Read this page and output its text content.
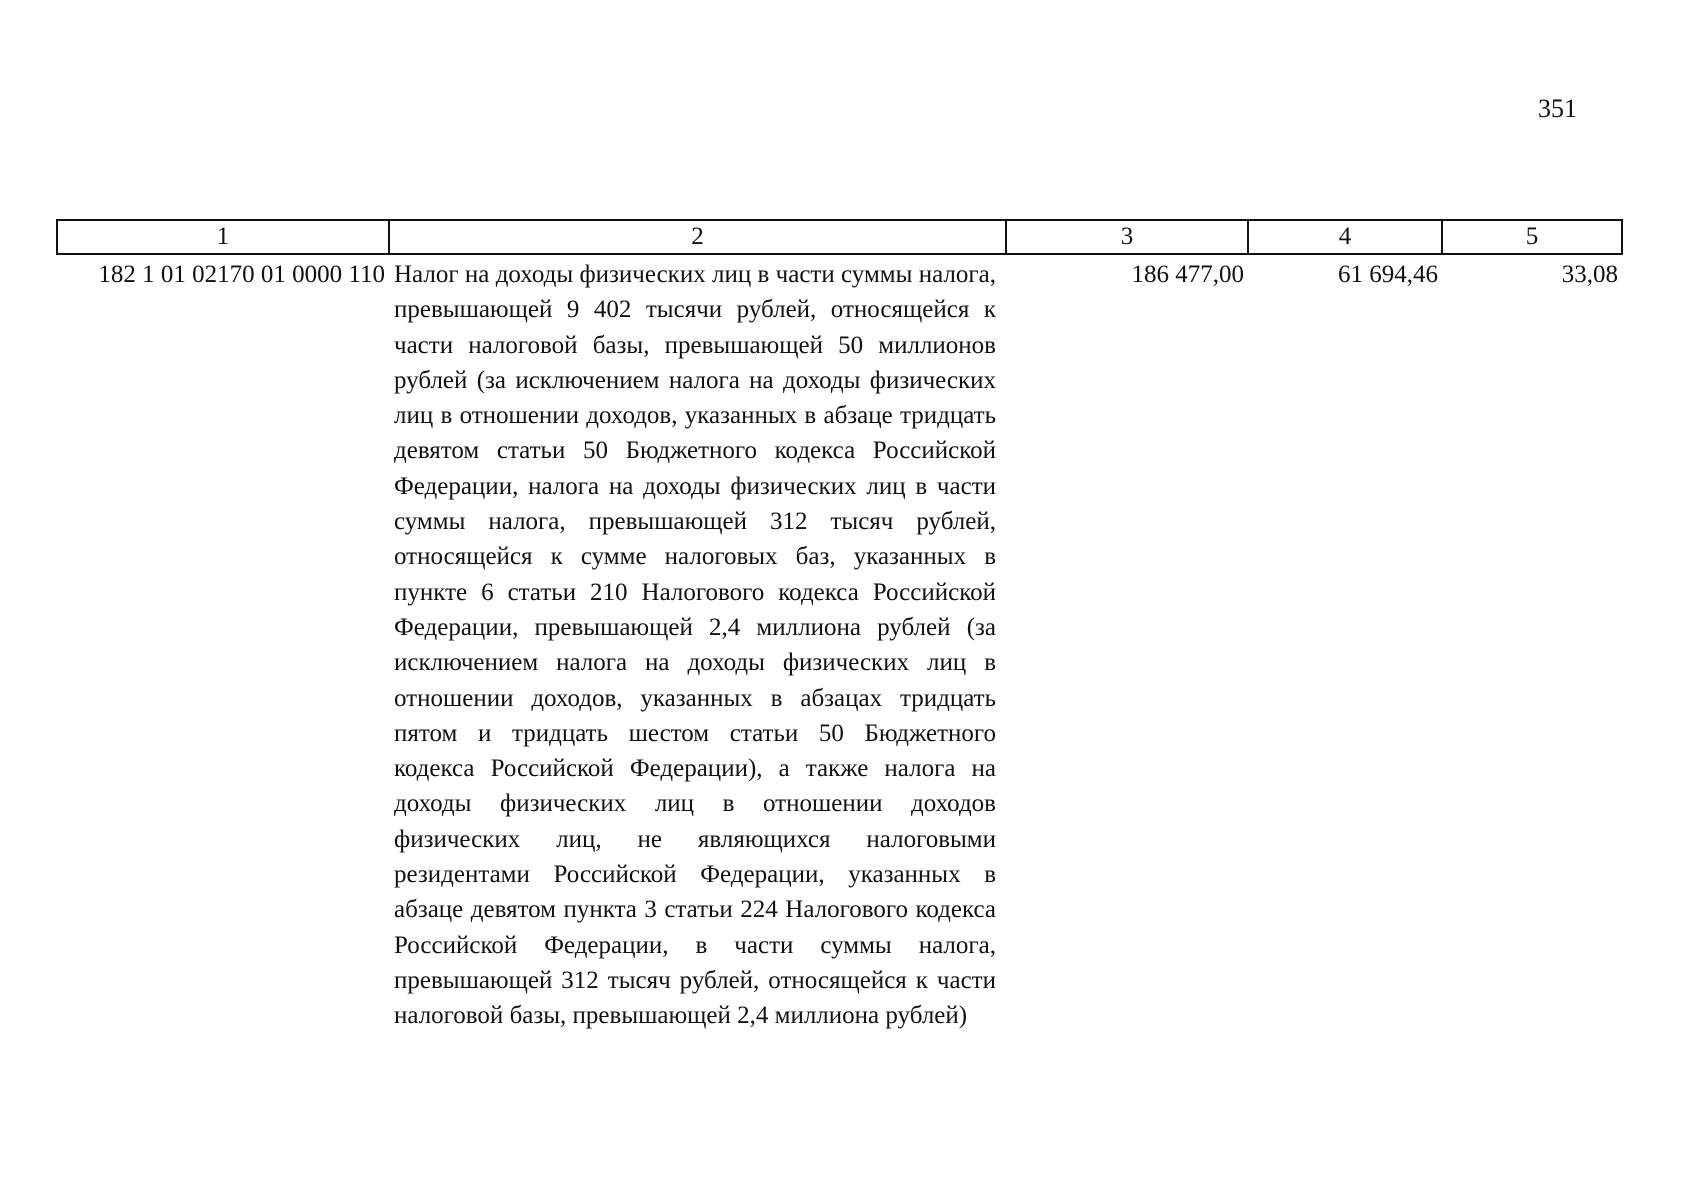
351
1	2	3	4	5
182 1 01 02170 01 0000 110	Налог на доходы физических лиц в части суммы налога, превышающей 9 402 тысячи рублей, относящейся к части налоговой базы, превышающей 50 миллионов рублей (за исключением налога на доходы физических лиц в отношении доходов, указанных в абзаце тридцать девятом статьи 50 Бюджетного кодекса Российской Федерации, налога на доходы физических лиц в части суммы налога, превышающей 312 тысяч рублей, относящейся к сумме налоговых баз, указанных в пункте 6 статьи 210 Налогового кодекса Российской Федерации, превышающей 2,4 миллиона рублей (за исключением налога на доходы физических лиц в отношении доходов, указанных в абзацах тридцать пятом и тридцать шестом статьи 50 Бюджетного кодекса Российской Федерации), а также налога на доходы физических лиц в отношении доходов физических лиц, не являющихся налоговыми резидентами Российской Федерации, указанных в абзаце девятом пункта 3 статьи 224 Налогового кодекса Российской Федерации, в части суммы налога, превышающей 312 тысяч рублей, относящейся к части налоговой базы, превышающей 2,4 миллиона рублей)	186 477,00	61 694,46	33,08
